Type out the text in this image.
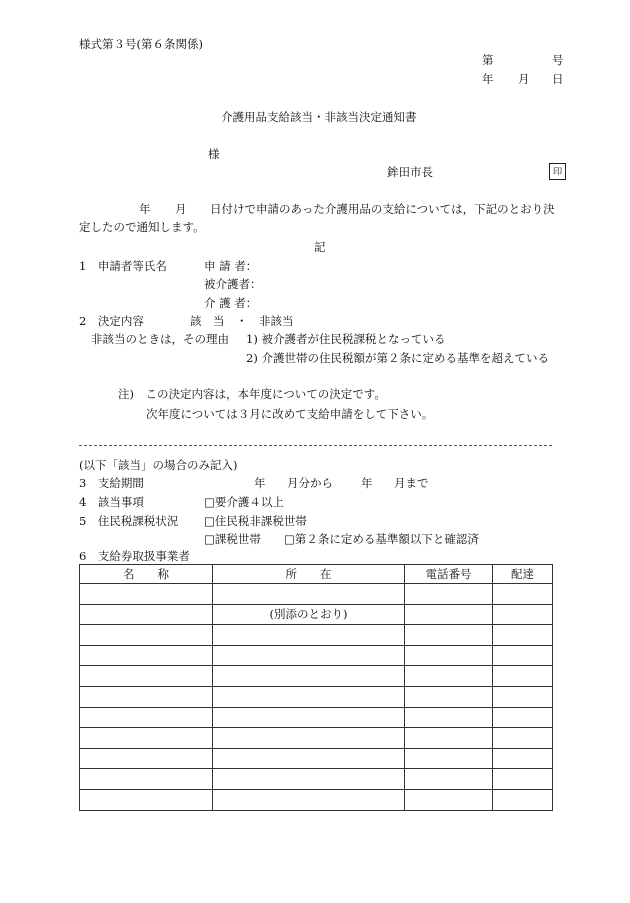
様式第３号(第６条関係)
第	号
年 月 日
介護用品支給該当・非該当決定通知書
様
鉾田市長	印
年 月 日付けで申請のあった介護用品の支給については，下記のとおり決
定したので通知します。
記
1　申請者等氏名	申 請 者：
被介護者：
介 護 者：
2　決定内容	該　当　・　非該当
非該当のときは，その理由 1) 被介護者が住民税課税となっている
2) 介護世帯の住民税額が第２条に定める基準を超えている
注)　この決定内容は，本年度についての決定です。
次年度については３月に改めて支給申請をして下さい。
(以下「該当」の場合のみ記入)
3　支給期間	年 月分から 年 月まで
4　該当事項	□要介護４以上
5　住民税課税状況 □住民税非課税世帯
□課税世帯 □第２条に定める基準額以下と確認済
6　支給券取扱事業者
名　　称	所　　在	電話番号	配達

	(別添のとおり)		
